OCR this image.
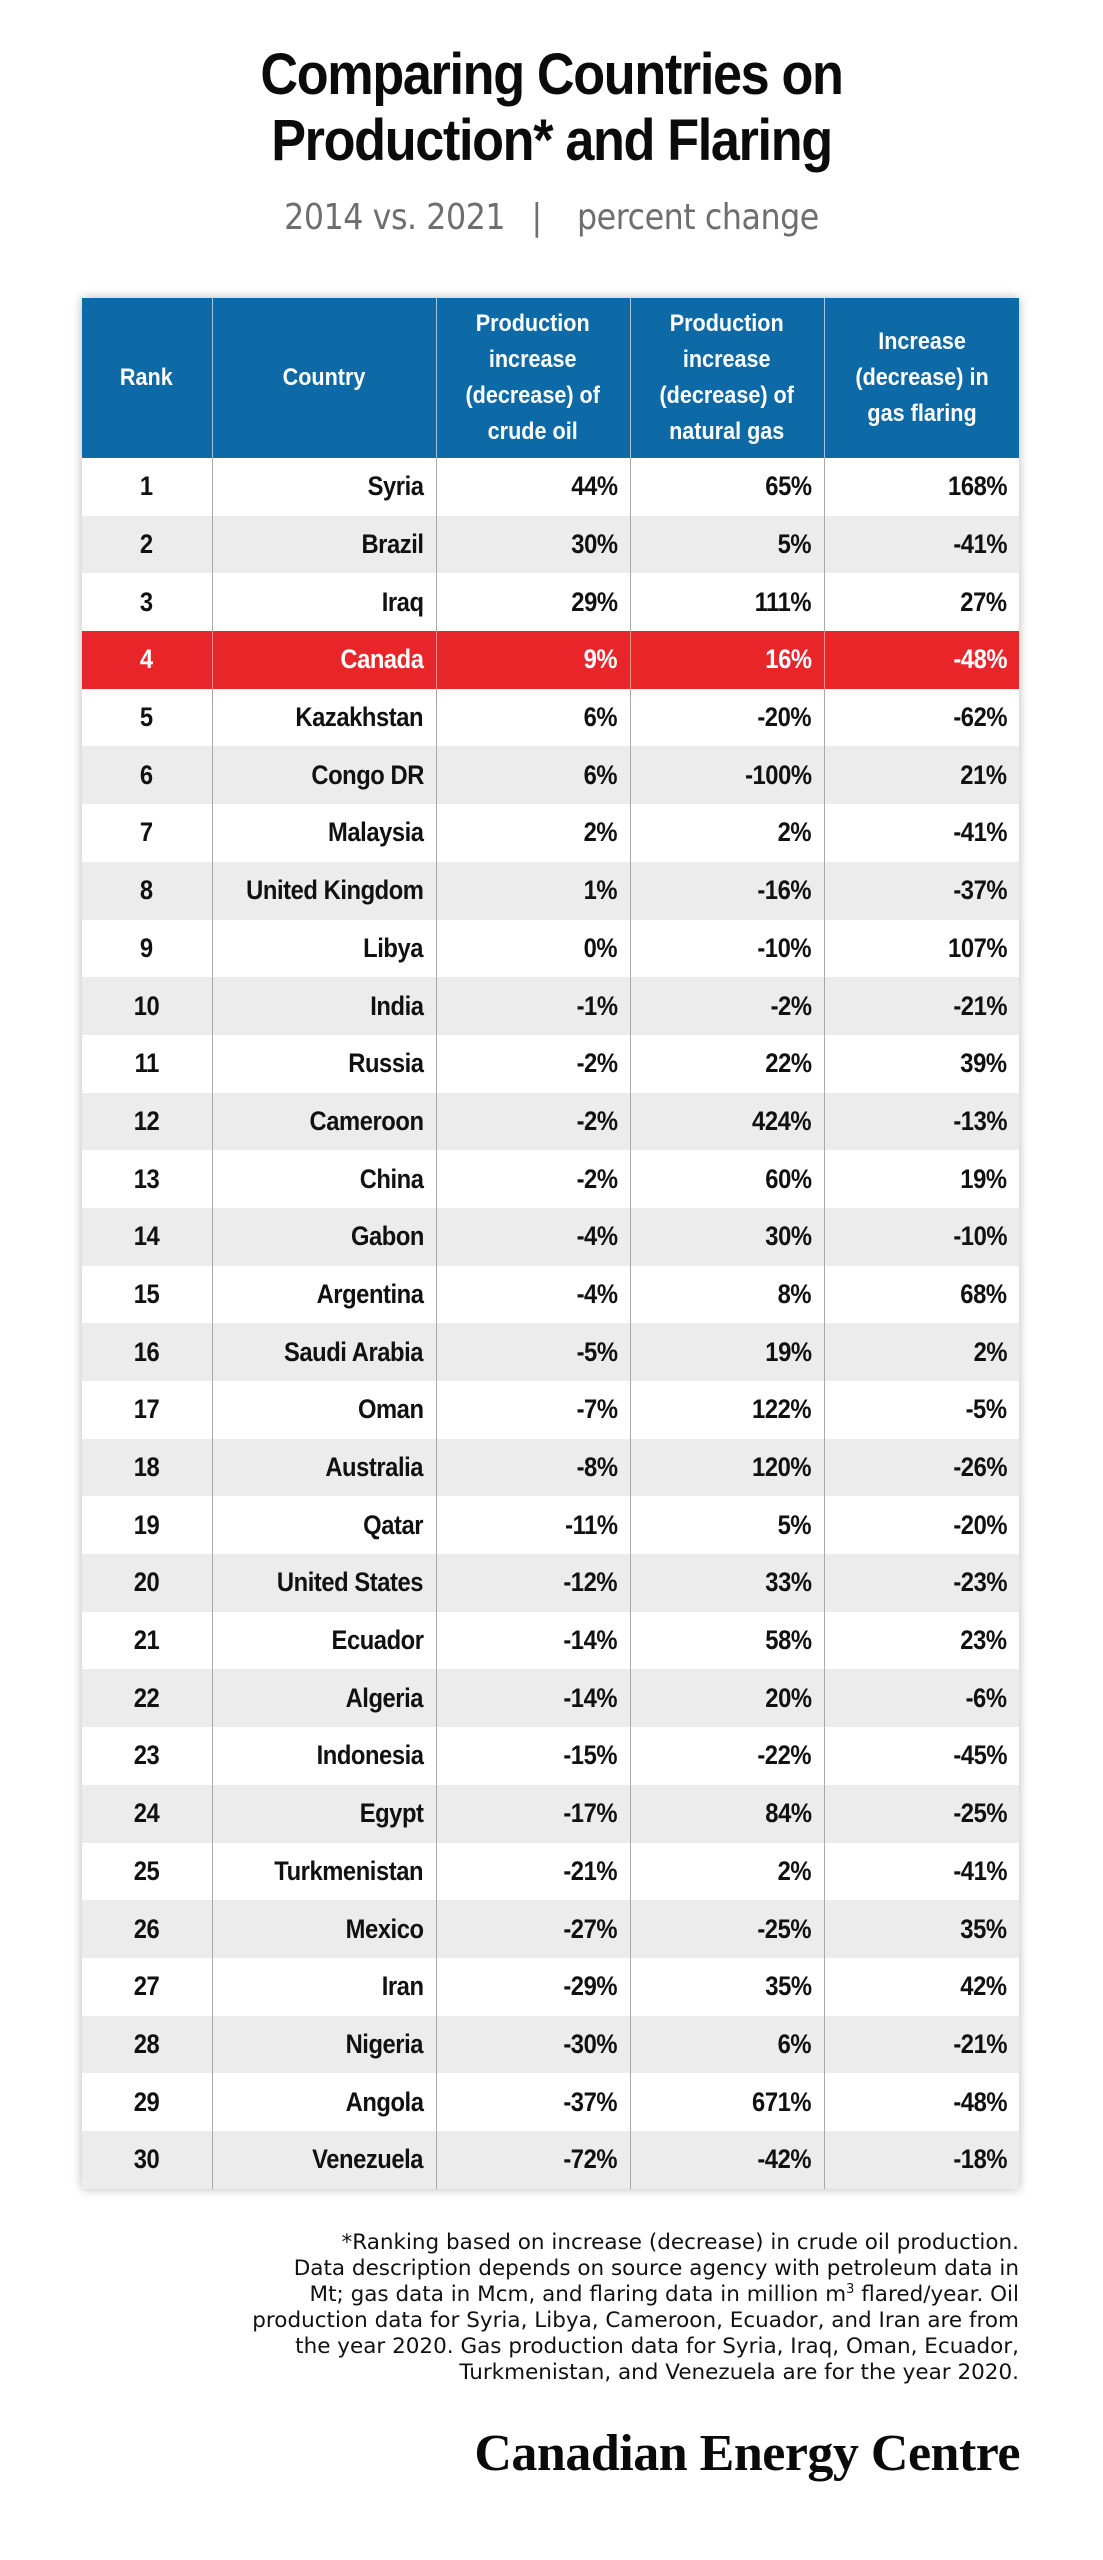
Comparing Countries on
Production* and Flaring
2014 vs. 2021 | percent change
Rank	Country	Production
increase
(decrease) of
crude oil	Production
increase
(decrease) of
natural gas	Increase
(decrease) in
gas flaring
1	Syria	44%	65%	168%
2	Brazil	30%	5%	-41%
3	Iraq	29%	111%	27%
4	Canada	9%	16%	-48%
5	Kazakhstan	6%	-20%	-62%
6	Congo DR	6%	-100%	21%
7	Malaysia	2%	2%	-41%
8	United Kingdom	1%	-16%	-37%
9	Libya	0%	-10%	107%
10	India	-1%	-2%	-21%
11	Russia	-2%	22%	39%
12	Cameroon	-2%	424%	-13%
13	China	-2%	60%	19%
14	Gabon	-4%	30%	-10%
15	Argentina	-4%	8%	68%
16	Saudi Arabia	-5%	19%	2%
17	Oman	-7%	122%	-5%
18	Australia	-8%	120%	-26%
19	Qatar	-11%	5%	-20%
20	United States	-12%	33%	-23%
21	Ecuador	-14%	58%	23%
22	Algeria	-14%	20%	-6%
23	Indonesia	-15%	-22%	-45%
24	Egypt	-17%	84%	-25%
25	Turkmenistan	-21%	2%	-41%
26	Mexico	-27%	-25%	35%
27	Iran	-29%	35%	42%
28	Nigeria	-30%	6%	-21%
29	Angola	-37%	671%	-48%
30	Venezuela	-72%	-42%	-18%

*Ranking based on increase (decrease) in crude oil production.

Data description depends on source agency with petroleum data in

Mt; gas data in Mcm, and flaring data in million $m^3$ flared/year. Oil

production data for Syria, Libya, Cameroon, Ecuador, and Iran are from

the year 2020. Gas production data for Syria, Iraq, Oman, Ecuador,

Turkmenistan, and Venezuela are for the year 2020.

Canadian Energy Centre
